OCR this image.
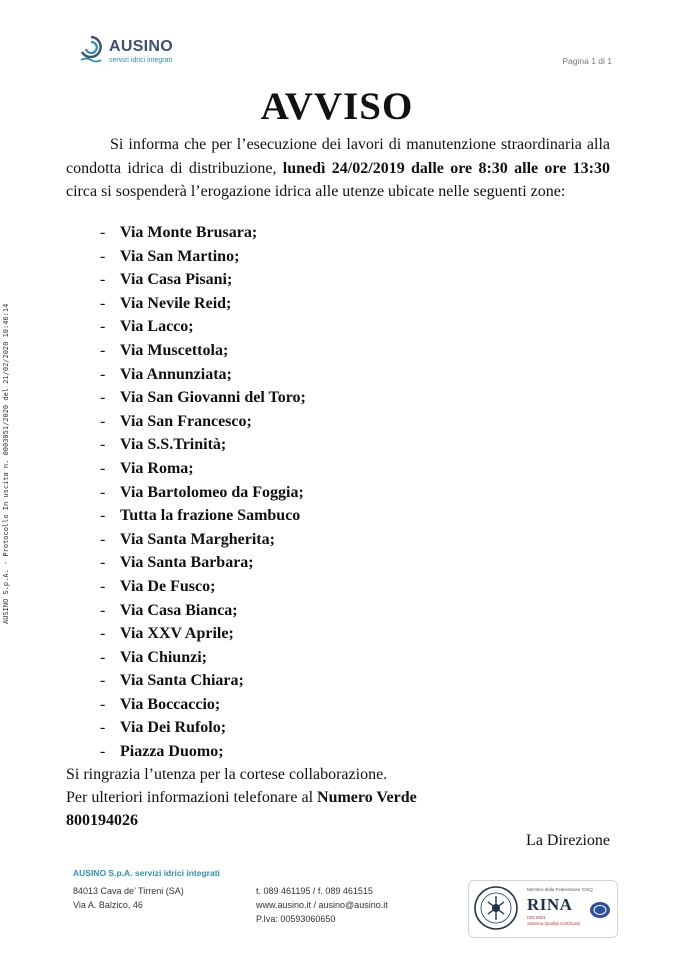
AUSINO
servizi idrici integrati	Pagina 1 di 1
AUSINO S.p.A. - Protocollo In uscita n. 0003051/2020 del 21/02/2020 10:46:14
AVVISO

Si informa che per l’esecuzione dei lavori di manutenzione straordinaria alla condotta idrica di distribuzione, lunedì 24/02/2019 dalle ore 8:30 alle ore 13:30 circa si sospenderà l’erogazione idrica alle utenze ubicate nelle seguenti zone:

- Via Monte Brusara;
- Via San Martino;
- Via Casa Pisani;
- Via Nevile Reid;
- Via Lacco;
- Via Muscettola;
- Via Annunziata;
- Via San Giovanni del Toro;
- Via San Francesco;
- Via S.S.Trinità;
- Via Roma;
- Via Bartolomeo da Foggia;
- Tutta la frazione Sambuco
- Via Santa Margherita;
- Via Santa Barbara;
- Via De Fusco;
- Via Casa Bianca;
- Via XXV Aprile;
- Via Chiunzi;
- Via Santa Chiara;
- Via Boccaccio;
- Via Dei Rufolo;
- Piazza Duomo;
Si ringrazia l’utenza per la cortese collaborazione.
Per ulteriori informazioni telefonare al Numero Verde
800194026
La Direzione
AUSINO S.p.A. servizi idrici integrati
84013 Cava de’ Tirreni (SA)
Via A. Balzico, 46
t. 089 461195 / f. 089 461515
www.ausino.it / ausino@ausino.it
P.Iva: 00593060650
Membro della Federazione CISQ
RINA
ISO 9001
Sistema Qualità Certificato
